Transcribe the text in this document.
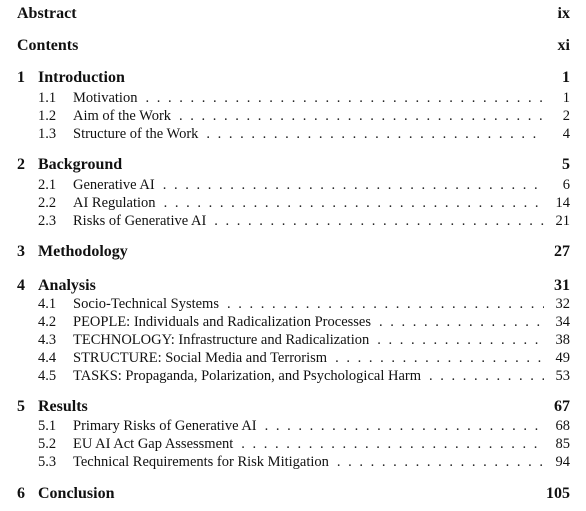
Abstract	ix
Contents	xi
1 Introduction	1
1.1	Motivation . . .	1
1.2	Aim of the Work . . .	2
1.3	Structure of the Work . . .	4
2 Background	5
2.1	Generative AI . . .	6
2.2	AI Regulation . . .	14
2.3	Risks of Generative AI . . .	21
3 Methodology	27
4 Analysis	31
4.1	Socio-Technical Systems . . .	32
4.2	PEOPLE: Individuals and Radicalization Processes . . .	34
4.3	TECHNOLOGY: Infrastructure and Radicalization . . .	38
4.4	STRUCTURE: Social Media and Terrorism . . .	49
4.5	TASKS: Propaganda, Polarization, and Psychological Harm . . .	53
5 Results	67
5.1	Primary Risks of Generative AI . . .	68
5.2	EU AI Act Gap Assessment . . .	85
5.3	Technical Requirements for Risk Mitigation . . .	94
6 Conclusion	105
